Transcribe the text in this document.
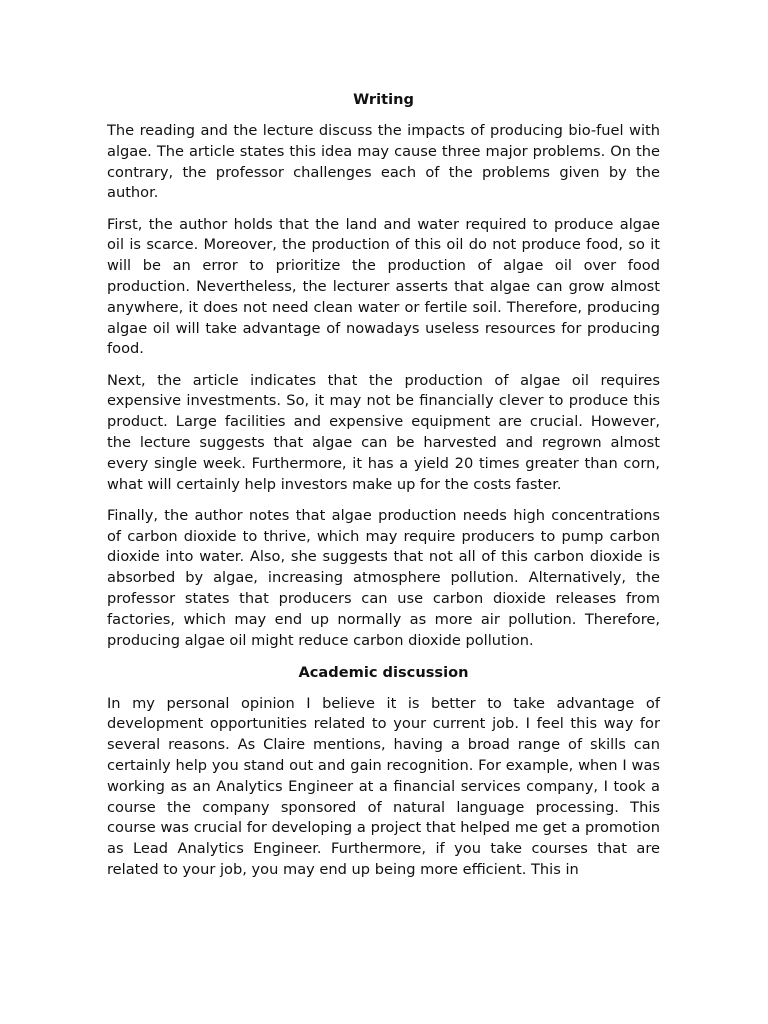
Writing

The reading and the lecture discuss the impacts of producing bio-fuel with algae. The article states this idea may cause three major problems. On the contrary, the professor challenges each of the problems given by the author.

First, the author holds that the land and water required to produce algae oil is scarce. Moreover, the production of this oil do not produce food, so it will be an error to prioritize the production of algae oil over food production. Nevertheless, the lecturer asserts that algae can grow almost anywhere, it does not need clean water or fertile soil. Therefore, producing algae oil will take advantage of nowadays useless resources for producing food.

Next, the article indicates that the production of algae oil requires expensive investments. So, it may not be financially clever to produce this product. Large facilities and expensive equipment are crucial. However, the lecture suggests that algae can be harvested and regrown almost every single week. Furthermore, it has a yield 20 times greater than corn, what will certainly help investors make up for the costs faster.

Finally, the author notes that algae production needs high concentrations of carbon dioxide to thrive, which may require producers to pump carbon dioxide into water. Also, she suggests that not all of this carbon dioxide is absorbed by algae, increasing atmosphere pollution. Alternatively, the professor states that producers can use carbon dioxide releases from factories, which may end up normally as more air pollution. Therefore, producing algae oil might reduce carbon dioxide pollution.

Academic discussion

In my personal opinion I believe it is better to take advantage of development opportunities related to your current job. I feel this way for several reasons. As Claire mentions, having a broad range of skills can certainly help you stand out and gain recognition. For example, when I was working as an Analytics Engineer at a financial services company, I took a course the company sponsored of natural language processing. This course was crucial for developing a project that helped me get a promotion as Lead Analytics Engineer. Furthermore, if you take courses that are related to your job, you may end up being more efficient. This in
